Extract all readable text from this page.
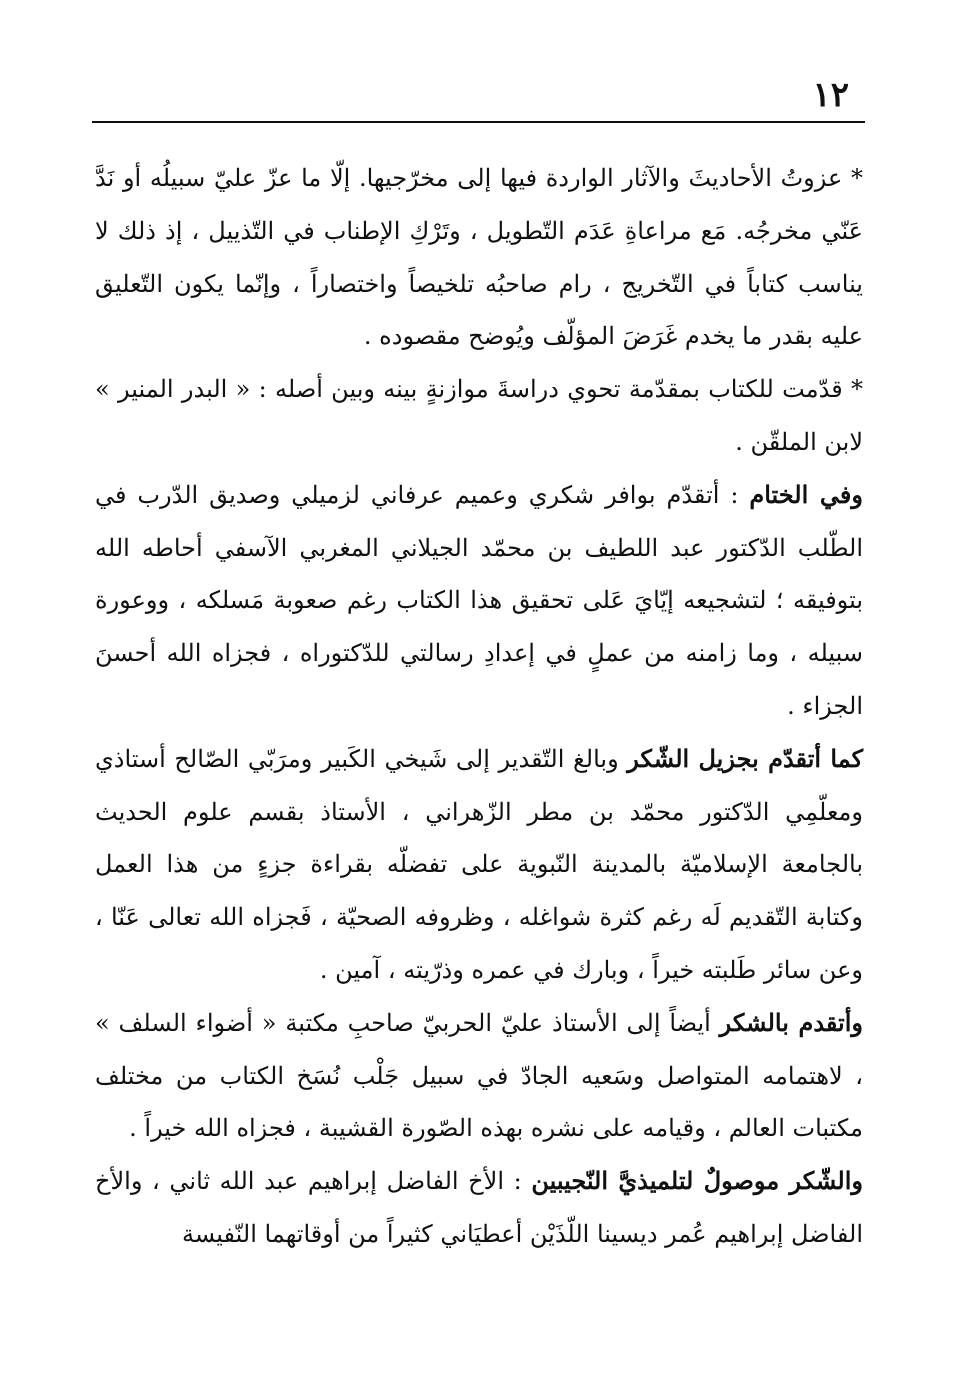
١٢

* عزوتُ الأحاديثَ والآثار الواردة فيها إلى مخرّجيها. إلّا ما عزّ عليّ سبيلُه أو نَدَّ عَنّي مخرجُه. مَع مراعاةِ عَدَم التّطويل ، وتَرْكِ الإطناب في التّذييل ، إذ ذلك لا يناسب كتاباً في التّخريج ، رام صاحبُه تلخيصاً واختصاراً ، وإنّما يكون التّعليق عليه بقدر ما يخدم غَرَضَ المؤلّف ويُوضح مقصوده .

* قدّمت للكتاب بمقدّمة تحوي دراسةَ موازنةٍ بينه وبين أصله : « البدر المنير » لابن الملقّن .

وفي الختام : أتقدّم بوافر شكري وعميم عرفاني لزميلي وصديق الدّرب في الطّلب الدّكتور عبد اللطيف بن محمّد الجيلاني المغربي الآسفي أحاطه الله بتوفيقه ؛ لتشجيعه إيّايَ عَلى تحقيق هذا الكتاب رغم صعوبة مَسلكه ، ووعورة سبيله ، وما زامنه من عملٍ في إعدادِ رسالتي للدّكتوراه ، فجزاه الله أحسنَ الجزاء .

كما أتقدّم بجزيل الشّكر وبالغ التّقدير إلى شَيخي الكَبير ومرَبّي الصّالح أستاذي ومعلّمِي الدّكتور محمّد بن مطر الزّهراني ، الأستاذ بقسم علوم الحديث بالجامعة الإسلاميّة بالمدينة النّبوية على تفضلّه بقراءة جزءٍ من هذا العمل وكتابة التّقديم لَه رغم كثرة شواغله ، وظروفه الصحيّة ، فَجزاه الله تعالى عَنّا ، وعن سائر طَلبته خيراً ، وبارك في عمره وذرّيته ، آمين .

وأتقدم بالشكر أيضاً إلى الأستاذ عليّ الحربيّ صاحبِ مكتبة « أضواء السلف » ، لاهتمامه المتواصل وسَعيه الجادّ في سبيل جَلْب نُسَخ الكتاب من مختلف مكتبات العالم ، وقيامه على نشره بهذه الصّورة القشيبة ، فجزاه الله خيراً .

والشّكر موصولٌ لتلميذيَّ النّجيبين : الأخ الفاضل إبراهيم عبد الله ثاني ، والأخ الفاضل إبراهيم عُمر ديسينا اللّذَيْن أعطيَاني كثيراً من أوقاتهما النّفيسة
